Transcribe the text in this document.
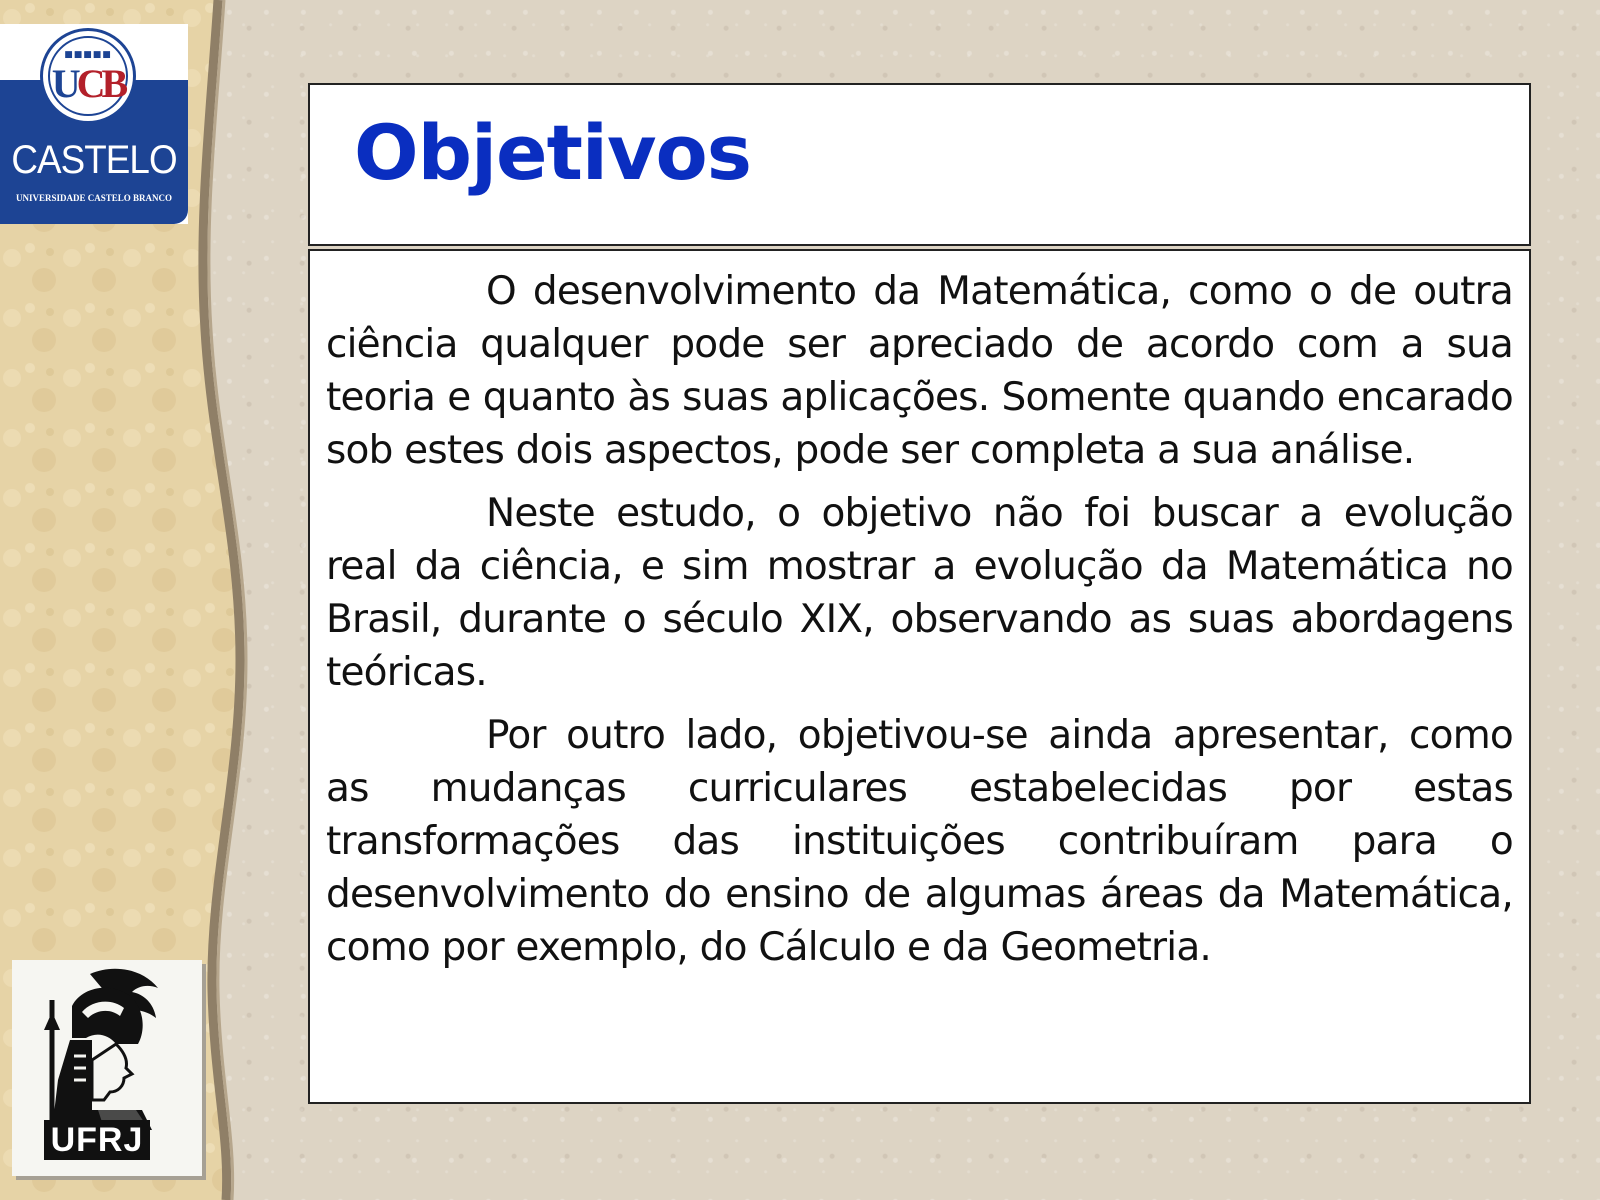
■■■■■
UCB
CASTELO
UNIVERSIDADE CASTELO BRANCO
UFRJ
Objetivos

O desenvolvimento da Matemática, como o de outra ciência qualquer pode ser apreciado de acordo com a sua teoria e quanto às suas aplicações. Somente quando encarado sob estes dois aspectos, pode ser completa a sua análise.

Neste estudo, o objetivo não foi buscar a evolução real da ciência, e sim mostrar a evolução da Matemática no Brasil, durante o século XIX, observando as suas abordagens teóricas.

Por outro lado, objetivou-se ainda apresentar, como as mudanças curriculares estabelecidas por estas transformações das instituições contribuíram para o desenvolvimento do ensino de algumas áreas da Matemática, como por exemplo, do Cálculo e da Geometria.
